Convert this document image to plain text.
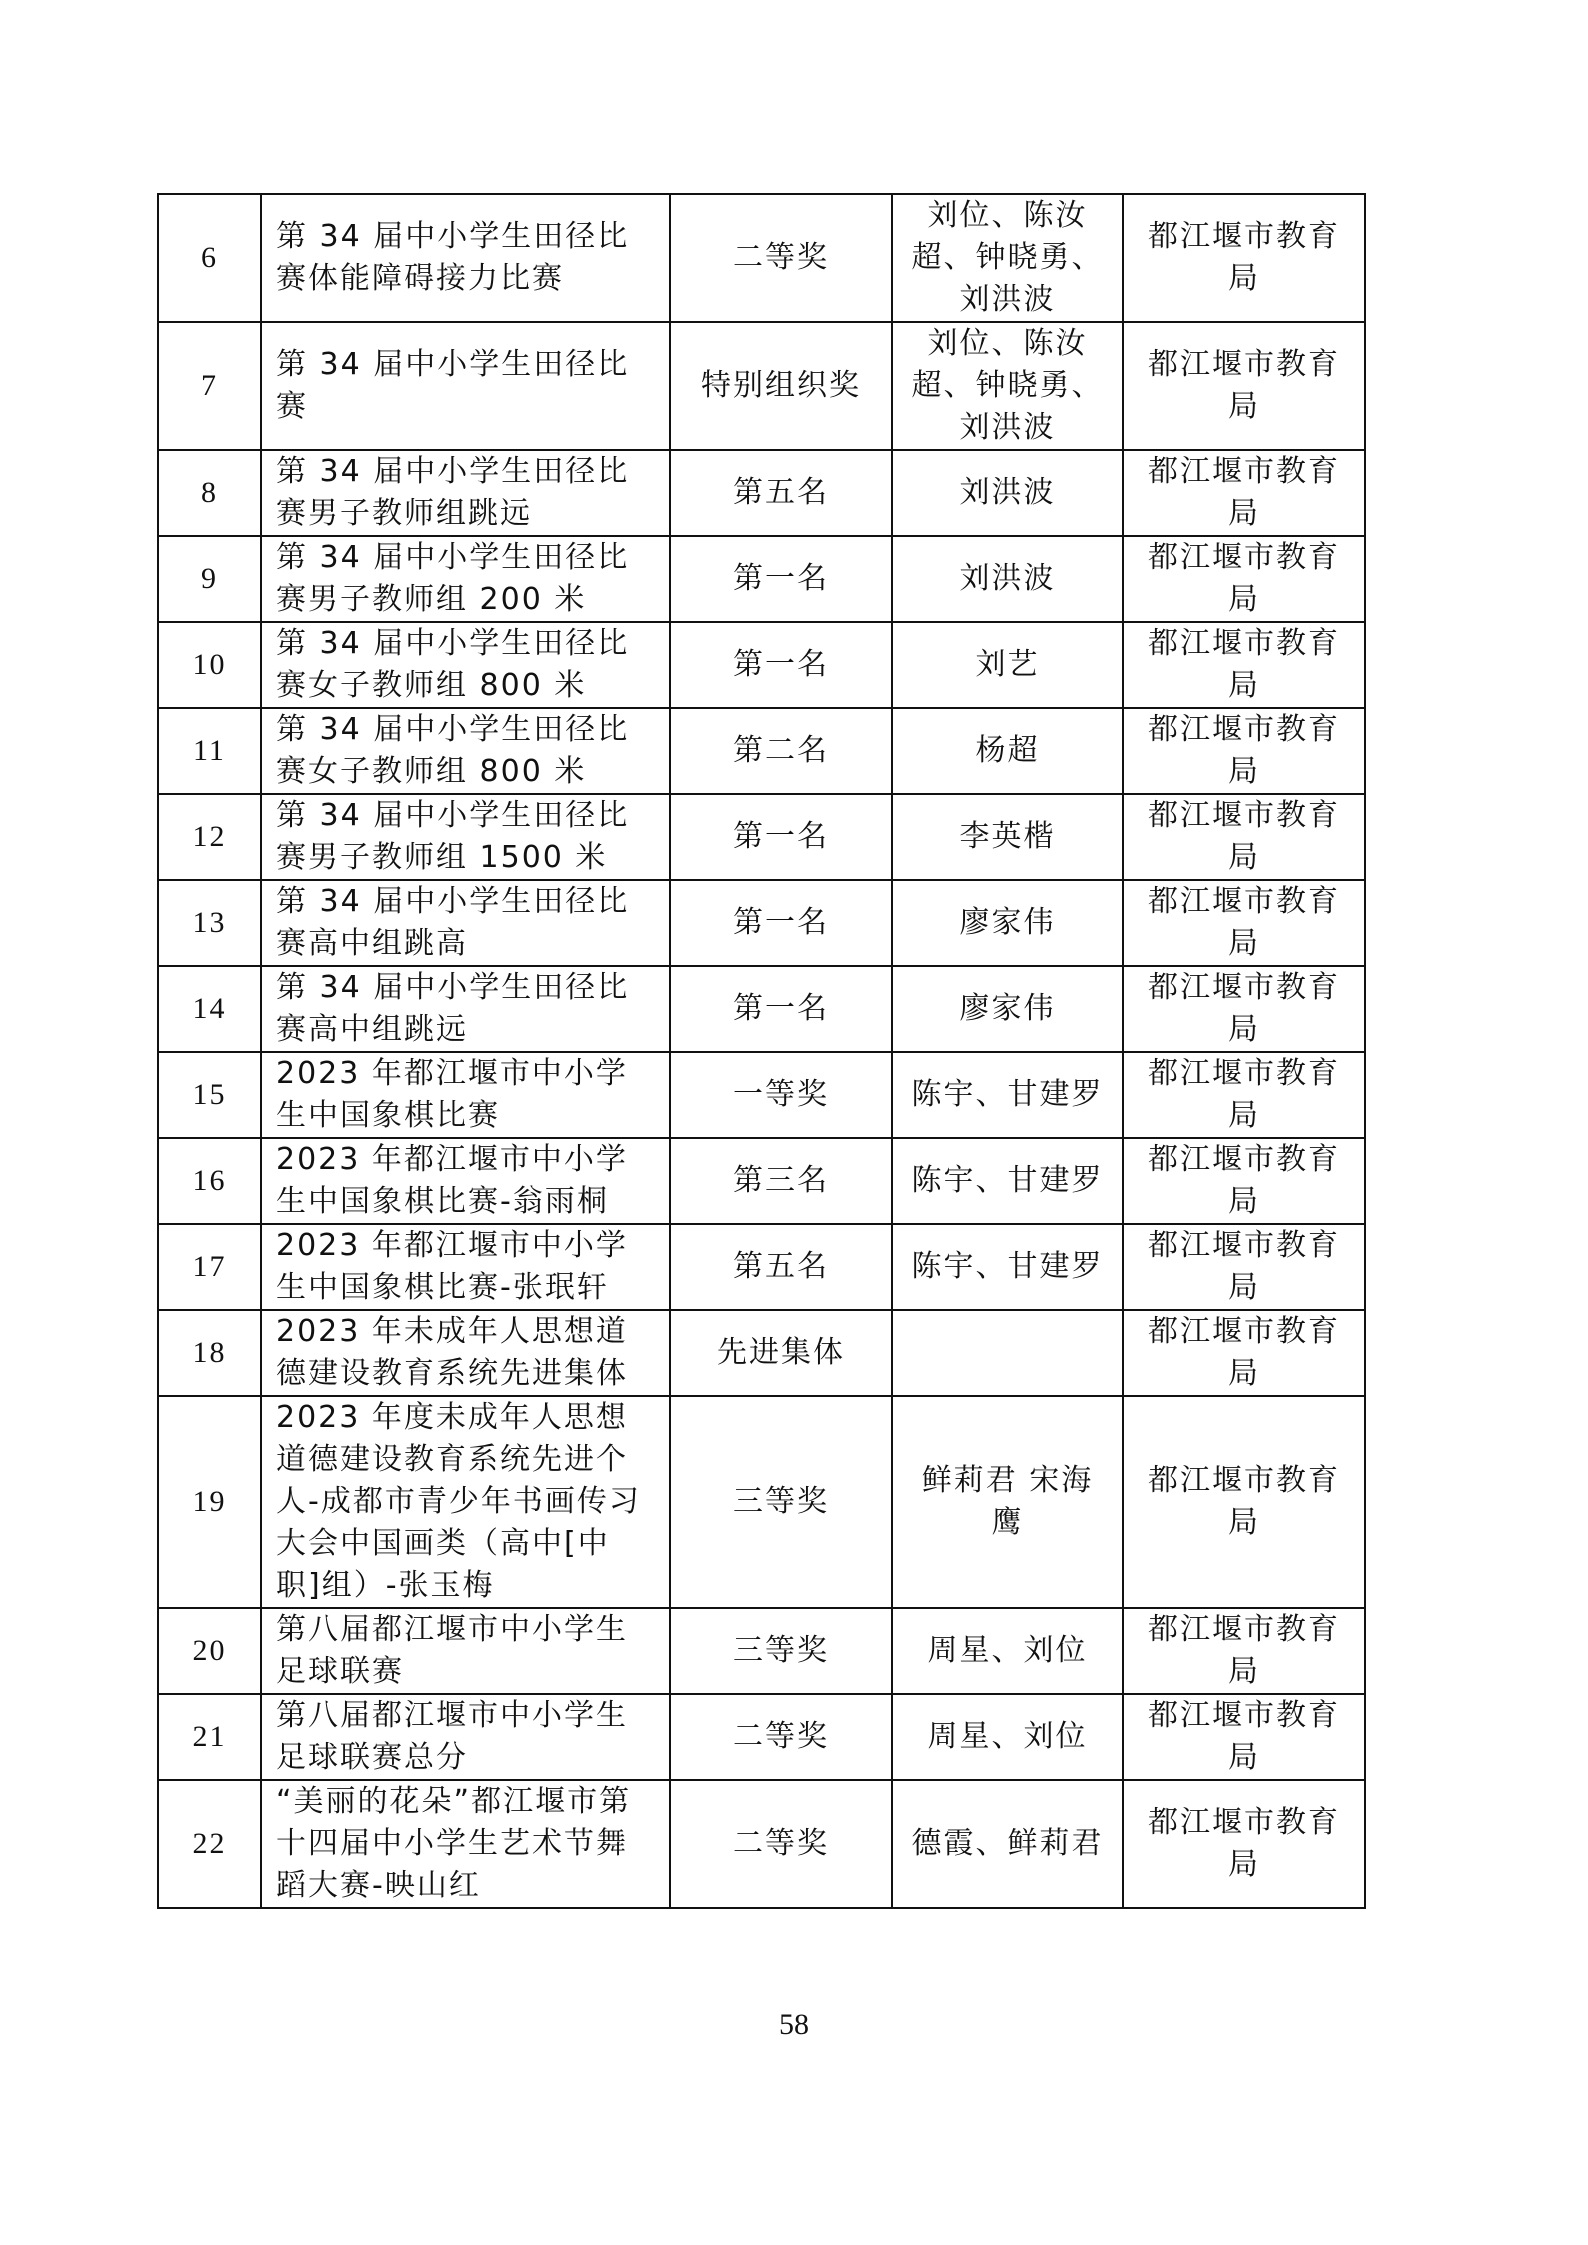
6	第 34 届中小学生田径比赛体能障碍接力比赛	二等奖	刘位、陈汝超、钟晓勇、刘洪波	都江堰市教育局
7	第 34 届中小学生田径比赛	特别组织奖	刘位、陈汝超、钟晓勇、刘洪波	都江堰市教育局
8	第 34 届中小学生田径比赛男子教师组跳远	第五名	刘洪波	都江堰市教育局
9	第 34 届中小学生田径比赛男子教师组 200 米	第一名	刘洪波	都江堰市教育局
10	第 34 届中小学生田径比赛女子教师组 800 米	第一名	刘艺	都江堰市教育局
11	第 34 届中小学生田径比赛女子教师组 800 米	第二名	杨超	都江堰市教育局
12	第 34 届中小学生田径比赛男子教师组 1500 米	第一名	李英楷	都江堰市教育局
13	第 34 届中小学生田径比赛高中组跳高	第一名	廖家伟	都江堰市教育局
14	第 34 届中小学生田径比赛高中组跳远	第一名	廖家伟	都江堰市教育局
15	2023 年都江堰市中小学生中国象棋比赛	一等奖	陈宇、甘建罗	都江堰市教育局
16	2023 年都江堰市中小学生中国象棋比赛-翁雨桐	第三名	陈宇、甘建罗	都江堰市教育局
17	2023 年都江堰市中小学生中国象棋比赛-张珉轩	第五名	陈宇、甘建罗	都江堰市教育局
18	2023 年未成年人思想道德建设教育系统先进集体	先进集体		都江堰市教育局
19	2023 年度未成年人思想道德建设教育系统先进个人-成都市青少年书画传习大会中国画类（高中[中职]组）-张玉梅	三等奖	鲜莉君 宋海鹰	都江堰市教育局
20	第八届都江堰市中小学生足球联赛	三等奖	周星、刘位	都江堰市教育局
21	第八届都江堰市中小学生足球联赛总分	二等奖	周星、刘位	都江堰市教育局
22	“美丽的花朵”都江堰市第十四届中小学生艺术节舞蹈大赛-映山红	二等奖	德霞、鲜莉君	都江堰市教育局
58
